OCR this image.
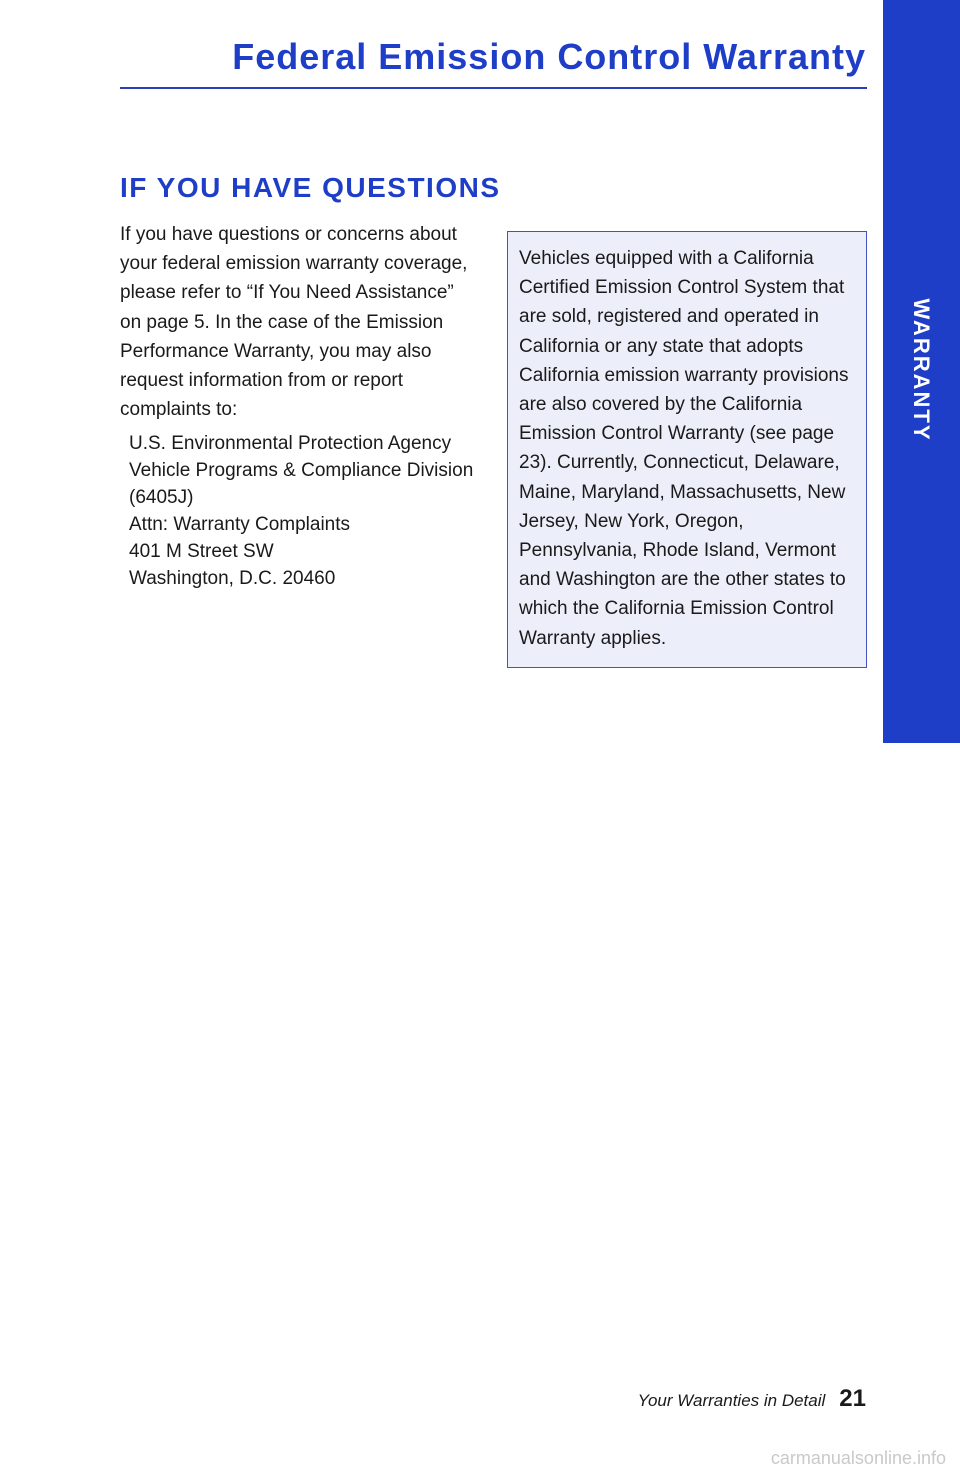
Federal Emission Control Warranty
WARRANTY
IF YOU HAVE QUESTIONS

If you have questions or concerns about your federal emission warranty coverage, please refer to “If You Need Assistance” on page 5. In the case of the Emission Performance Warranty, you may also request information from or report complaints to:

U.S. Environmental Protection Agency
Vehicle Programs & Compliance Division
(6405J)
Attn: Warranty Complaints
401 M Street SW
Washington, D.C. 20460
Vehicles equipped with a California Certified Emission Control System that are sold, registered and operated in California or any state that adopts California emission warranty provisions are also covered by the California Emission Control Warranty (see page 23). Currently, Connecticut, Delaware, Maine, Maryland, Massachusetts, New Jersey, New York, Oregon, Pennsylvania, Rhode Island, Vermont and Washington are the other states to which the California Emission Control Warranty applies.
Your Warranties in Detail 21
carmanualsonline.info
